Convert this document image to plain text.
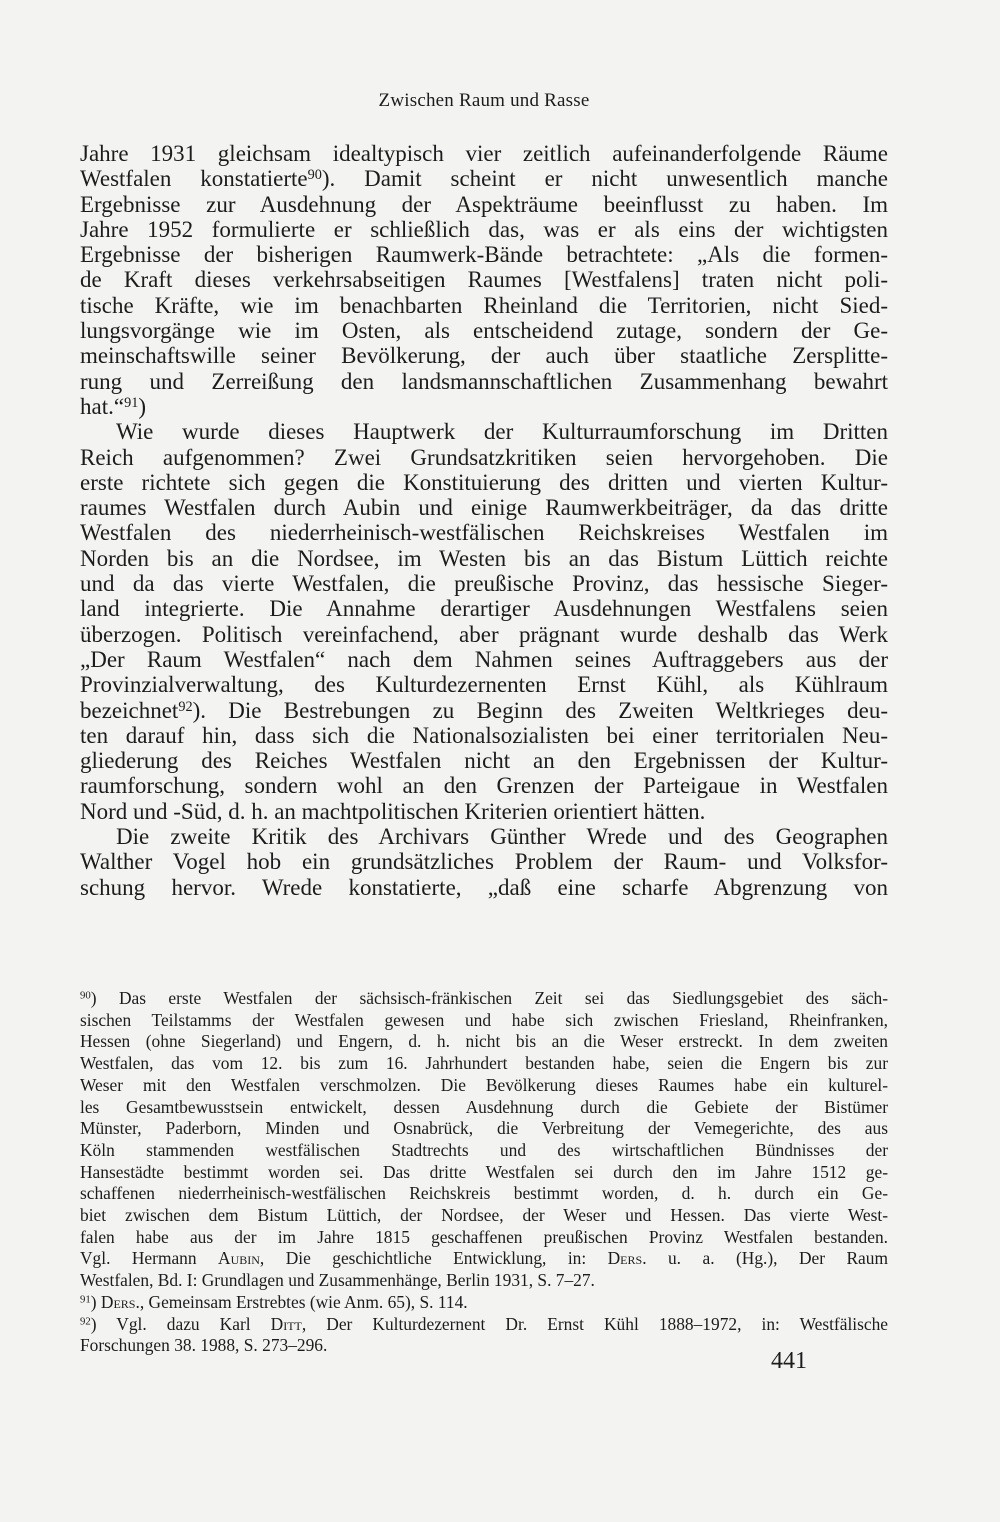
Zwischen Raum und Rasse

Jahre 1931 gleichsam idealtypisch vier zeitlich aufeinanderfolgende Räume

Westfalen konstatierte$^{90}$). Damit scheint er nicht unwesentlich manche

Ergebnisse zur Ausdehnung der Aspekträume beeinflusst zu haben. Im

Jahre 1952 formulierte er schließlich das, was er als eins der wichtigsten

Ergebnisse der bisherigen Raumwerk-Bände betrachtete: „Als die formen-

de Kraft dieses verkehrsabseitigen Raumes [Westfalens] traten nicht poli-

tische Kräfte, wie im benachbarten Rheinland die Territorien, nicht Sied-

lungsvorgänge wie im Osten, als entscheidend zutage, sondern der Ge-

meinschaftswille seiner Bevölkerung, der auch über staatliche Zersplitte-

rung und Zerreißung den landsmannschaftlichen Zusammenhang bewahrt

hat.“$^{91}$)

Wie wurde dieses Hauptwerk der Kulturraumforschung im Dritten

Reich aufgenommen? Zwei Grundsatzkritiken seien hervorgehoben. Die

erste richtete sich gegen die Konstituierung des dritten und vierten Kultur-

raumes Westfalen durch Aubin und einige Raumwerkbeiträger, da das dritte

Westfalen des niederrheinisch-westfälischen Reichskreises Westfalen im

Norden bis an die Nordsee, im Westen bis an das Bistum Lüttich reichte

und da das vierte Westfalen, die preußische Provinz, das hessische Sieger-

land integrierte. Die Annahme derartiger Ausdehnungen Westfalens seien

überzogen. Politisch vereinfachend, aber prägnant wurde deshalb das Werk

„Der Raum Westfalen“ nach dem Nahmen seines Auftraggebers aus der

Provinzialverwaltung, des Kulturdezernenten Ernst Kühl, als Kühlraum

bezeichnet$^{92}$). Die Bestrebungen zu Beginn des Zweiten Weltkrieges deu-

ten darauf hin, dass sich die Nationalsozialisten bei einer territorialen Neu-

gliederung des Reiches Westfalen nicht an den Ergebnissen der Kultur-

raumforschung, sondern wohl an den Grenzen der Parteigaue in Westfalen

Nord und -Süd, d. h. an machtpolitischen Kriterien orientiert hätten.

Die zweite Kritik des Archivars Günther Wrede und des Geographen

Walther Vogel hob ein grundsätzliches Problem der Raum- und Volksfor-

schung hervor. Wrede konstatierte, „daß eine scharfe Abgrenzung von

$^{90}$) Das erste Westfalen der sächsisch-fränkischen Zeit sei das Siedlungsgebiet des säch-

sischen Teilstamms der Westfalen gewesen und habe sich zwischen Friesland, Rheinfranken,

Hessen (ohne Siegerland) und Engern, d. h. nicht bis an die Weser erstreckt. In dem zweiten

Westfalen, das vom 12. bis zum 16. Jahrhundert bestanden habe, seien die Engern bis zur

Weser mit den Westfalen verschmolzen. Die Bevölkerung dieses Raumes habe ein kulturel-

les Gesamtbewusstsein entwickelt, dessen Ausdehnung durch die Gebiete der Bistümer

Münster, Paderborn, Minden und Osnabrück, die Verbreitung der Vemegerichte, des aus

Köln stammenden westfälischen Stadtrechts und des wirtschaftlichen Bündnisses der

Hansestädte bestimmt worden sei. Das dritte Westfalen sei durch den im Jahre 1512 ge-

schaffenen niederrheinisch-westfälischen Reichskreis bestimmt worden, d. h. durch ein Ge-

biet zwischen dem Bistum Lüttich, der Nordsee, der Weser und Hessen. Das vierte West-

falen habe aus der im Jahre 1815 geschaffenen preußischen Provinz Westfalen bestanden.

Vgl. Hermann Aubin, Die geschichtliche Entwicklung, in: Ders. u. a. (Hg.), Der Raum

Westfalen, Bd. I: Grundlagen und Zusammenhänge, Berlin 1931, S. 7–27.

$^{91}$) Ders., Gemeinsam Erstrebtes (wie Anm. 65), S. 114.

$^{92}$) Vgl. dazu Karl Ditt, Der Kulturdezernent Dr. Ernst Kühl 1888–1972, in: Westfälische

Forschungen 38. 1988, S. 273–296.

441
